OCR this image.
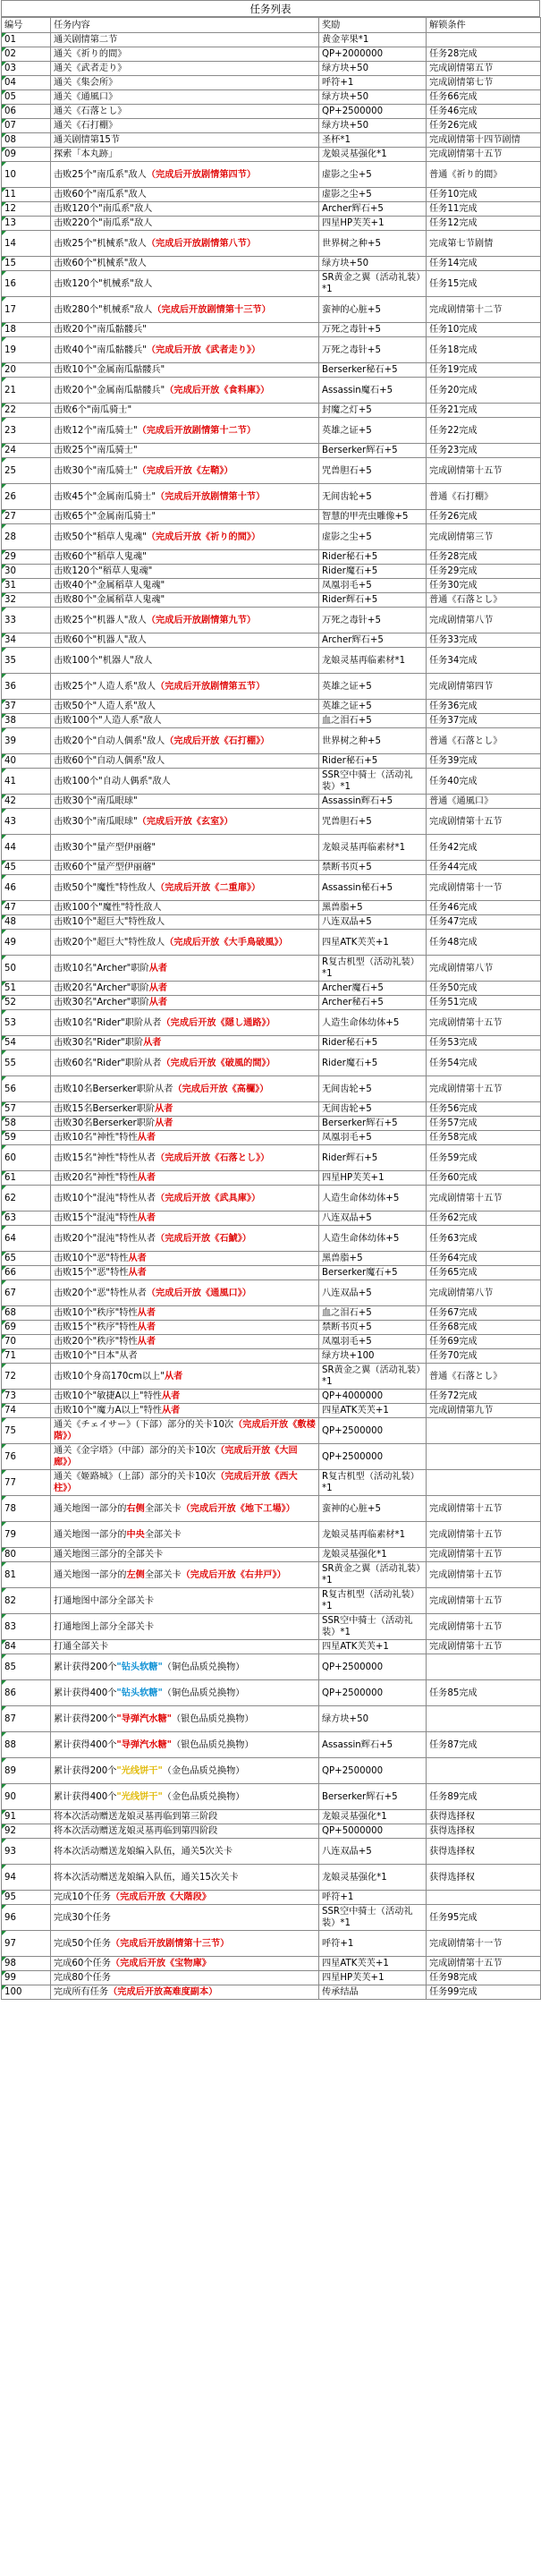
任务列表
编号	任务内容	奖励	解锁条件
01	通关剧情第二节	黄金苹果*1	
02	通关《祈り的間》	QP+2000000	任务28完成
03	通关《武者走り》	绿方块+50	完成剧情第五节
04	通关《集会所》	呼符+1	完成剧情第七节
05	通关《通風口》	绿方块+50	任务66完成
06	通关《石落とし》	QP+2500000	任务46完成
07	通关《石打棚》	绿方块+50	任务26完成
08	通关剧情第15节	圣杯*1	完成剧情第十四节剧情
09	探索「本丸跡」	龙娘灵基强化*1	完成剧情第十五节
10	击败25个"南瓜系"敌人（完成后开放剧情第四节）	虚影之尘+5	普通《祈り的間》
11	击败60个"南瓜系"敌人	虚影之尘+5	任务10完成
12	击败120个"南瓜系"敌人	Archer辉石+5	任务11完成
13	击败220个"南瓜系"敌人	四星HP芙芙+1	任务12完成
14	击败25个"机械系"敌人（完成后开放剧情第八节）	世界树之种+5	完成第七节剧情
15	击败60个"机械系"敌人	绿方块+50	任务14完成
16	击败120个"机械系"敌人	SR黄金之翼（活动礼装）*1	任务15完成
17	击败280个"机械系"敌人（完成后开放剧情第十三节）	蛮神的心脏+5	完成剧情第十二节
18	击败20个"南瓜骷髅兵"	万死之毒针+5	任务10完成
19	击败40个"南瓜骷髅兵"（完成后开放《武者走り》）	万死之毒针+5	任务18完成
20	击败10个"金属南瓜骷髅兵"	Berserker秘石+5	任务19完成
21	击败20个"金属南瓜骷髅兵"（完成后开放《食料庫》）	Assassin魔石+5	任务20完成
22	击败6个"南瓜骑士"	封魔之灯+5	任务21完成
23	击败12个"南瓜骑士"（完成后开放剧情第十二节）	英雄之证+5	任务22完成
24	击败25个"南瓜骑士"	Berserker辉石+5	任务23完成
25	击败30个"南瓜骑士"（完成后开放《左鞘》）	咒兽胆石+5	完成剧情第十五节
26	击败45个"金属南瓜骑士"（完成后开放剧情第十节）	无间齿轮+5	普通《石打棚》
27	击败65个"金属南瓜骑士"	智慧的甲壳虫雕像+5	任务26完成
28	击败50个"稻草人鬼魂"（完成后开放《祈り的間》）	虚影之尘+5	完成剧情第三节
29	击败60个"稻草人鬼魂"	Rider秘石+5	任务28完成
30	击败120个"稻草人鬼魂"	Rider魔石+5	任务29完成
31	击败40个"金属稻草人鬼魂"	凤凰羽毛+5	任务30完成
32	击败80个"金属稻草人鬼魂"	Rider辉石+5	普通《石落とし》
33	击败25个"机器人"敌人（完成后开放剧情第九节）	万死之毒针+5	完成剧情第八节
34	击败60个"机器人"敌人	Archer辉石+5	任务33完成
35	击败100个"机器人"敌人	龙娘灵基再临素材*1	任务34完成
36	击败25个"人造人系"敌人（完成后开放剧情第五节）	英雄之证+5	完成剧情第四节
37	击败50个"人造人系"敌人	英雄之证+5	任务36完成
38	击败100个"人造人系"敌人	血之泪石+5	任务37完成
39	击败20个"自动人偶系"敌人（完成后开放《石打棚》）	世界树之种+5	普通《石落とし》
40	击败60个"自动人偶系"敌人	Rider秘石+5	任务39完成
41	击败100个"自动人偶系"敌人	SSR空中骑士（活动礼装）*1	任务40完成
42	击败30个"南瓜眼球"	Assassin辉石+5	普通《通風口》
43	击败30个"南瓜眼球"（完成后开放《玄室》）	咒兽胆石+5	完成剧情第十五节
44	击败30个"量产型伊丽蘑"	龙娘灵基再临素材*1	任务42完成
45	击败60个"量产型伊丽蘑"	禁断书页+5	任务44完成
46	击败50个"魔性"特性敌人（完成后开放《二重扉》）	Assassin秘石+5	完成剧情第十一节
47	击败100个"魔性"特性敌人	黑兽脂+5	任务46完成
48	击败10个"超巨大"特性敌人	八连双晶+5	任务47完成
49	击败20个"超巨大"特性敌人（完成后开放《大手鳥破風》）	四星ATK芙芙+1	任务48完成
50	击败10名"Archer"职阶从者	R复古机型（活动礼装）*1	完成剧情第八节
51	击败20名"Archer"职阶从者	Archer魔石+5	任务50完成
52	击败30名"Archer"职阶从者	Archer秘石+5	任务51完成
53	击败10名"Rider"职阶从者（完成后开放《隠し通路》）	人造生命体幼体+5	完成剧情第十五节
54	击败30名"Rider"职阶从者	Rider秘石+5	任务53完成
55	击败60名"Rider"职阶从者（完成后开放《破風的間》）	Rider魔石+5	任务54完成
56	击败10名Berserker职阶从者（完成后开放《高欄》）	无间齿轮+5	完成剧情第十五节
57	击败15名Berserker职阶从者	无间齿轮+5	任务56完成
58	击败30名Berserker职阶从者	Berserker辉石+5	任务57完成
59	击败10名"神性"特性从者	凤凰羽毛+5	任务58完成
60	击败15名"神性"特性从者（完成后开放《石落とし》）	Rider辉石+5	任务59完成
61	击败20名"神性"特性从者	四星HP芙芙+1	任务60完成
62	击败10个"混沌"特性从者（完成后开放《武具庫》）	人造生命体幼体+5	完成剧情第十五节
63	击败15个"混沌"特性从者	八连双晶+5	任务62完成
64	击败20个"混沌"特性从者（完成后开放《石鯱》）	人造生命体幼体+5	任务63完成
65	击败10个"恶"特性从者	黑兽脂+5	任务64完成
66	击败15个"恶"特性从者	Berserker魔石+5	任务65完成
67	击败20个"恶"特性从者（完成后开放《通風口》）	八连双晶+5	完成剧情第八节
68	击败10个"秩序"特性从者	血之泪石+5	任务67完成
69	击败15个"秩序"特性从者	禁断书页+5	任务68完成
70	击败20个"秩序"特性从者	凤凰羽毛+5	任务69完成
71	击败10个"日本"从者	绿方块+100	任务70完成
72	击败10个身高170cm以上"从者	SR黄金之翼（活动礼装）*1	普通《石落とし》
73	击败10个"敏捷A以上"特性从者	QP+4000000	任务72完成
74	击败10个"魔力A以上"特性从者	四星ATK芙芙+1	完成剧情第九节
75	通关《チェイサー》（下部）部分的关卡10次（完成后开放《敷楼階》）	QP+2500000	
76	通关《金字塔》（中部）部分的关卡10次（完成后开放《大回廊》）	QP+2500000	
77	通关《姬路城》（上部）部分的关卡10次（完成后开放《西大柱》）	R复古机型（活动礼装）*1	
78	通关地图一部分的右侧全部关卡（完成后开放《地下工場》）	蛮神的心脏+5	完成剧情第十五节
79	通关地图一部分的中央全部关卡	龙娘灵基再临素材*1	完成剧情第十五节
80	通关地图三部分的全部关卡	龙娘灵基强化*1	完成剧情第十五节
81	通关地图一部分的左侧全部关卡（完成后开放《右井戸》）	SR黄金之翼（活动礼装）*1	完成剧情第十五节
82	打通地图中部分全部关卡	R复古机型（活动礼装）*1	完成剧情第十五节
83	打通地图上部分全部关卡	SSR空中骑士（活动礼装）*1	完成剧情第十五节
84	打通全部关卡	四星ATK芙芙+1	完成剧情第十五节
85	累计获得200个"钻头软糖"（铜色品质兑换物）	QP+2500000	
86	累计获得400个"钻头软糖"（铜色品质兑换物）	QP+2500000	任务85完成
87	累计获得200个"导弹汽水糖"（银色品质兑换物）	绿方块+50	
88	累计获得400个"导弹汽水糖"（银色品质兑换物）	Assassin辉石+5	任务87完成
89	累计获得200个"光线饼干"（金色品质兑换物）	QP+2500000	
90	累计获得400个"光线饼干"（金色品质兑换物）	Berserker辉石+5	任务89完成
91	将本次活动赠送龙娘灵基再临到第三阶段	龙娘灵基强化*1	获得选择权
92	将本次活动赠送龙娘灵基再临到第四阶段	QP+5000000	获得选择权
93	将本次活动赠送龙娘编入队伍，通关5次关卡	八连双晶+5	获得选择权
94	将本次活动赠送龙娘编入队伍，通关15次关卡	龙娘灵基强化*1	获得选择权
95	完成10个任务（完成后开放《大階段》	呼符+1	
96	完成30个任务	SSR空中骑士（活动礼装）*1	任务95完成
97	完成50个任务（完成后开放剧情第十三节）	呼符+1	完成剧情第十一节
98	完成60个任务（完成后开放《宝物庫》	四星ATK芙芙+1	完成剧情第十五节
99	完成80个任务	四星HP芙芙+1	任务98完成
100	完成所有任务（完成后开放高难度副本）	传承结晶	任务99完成
